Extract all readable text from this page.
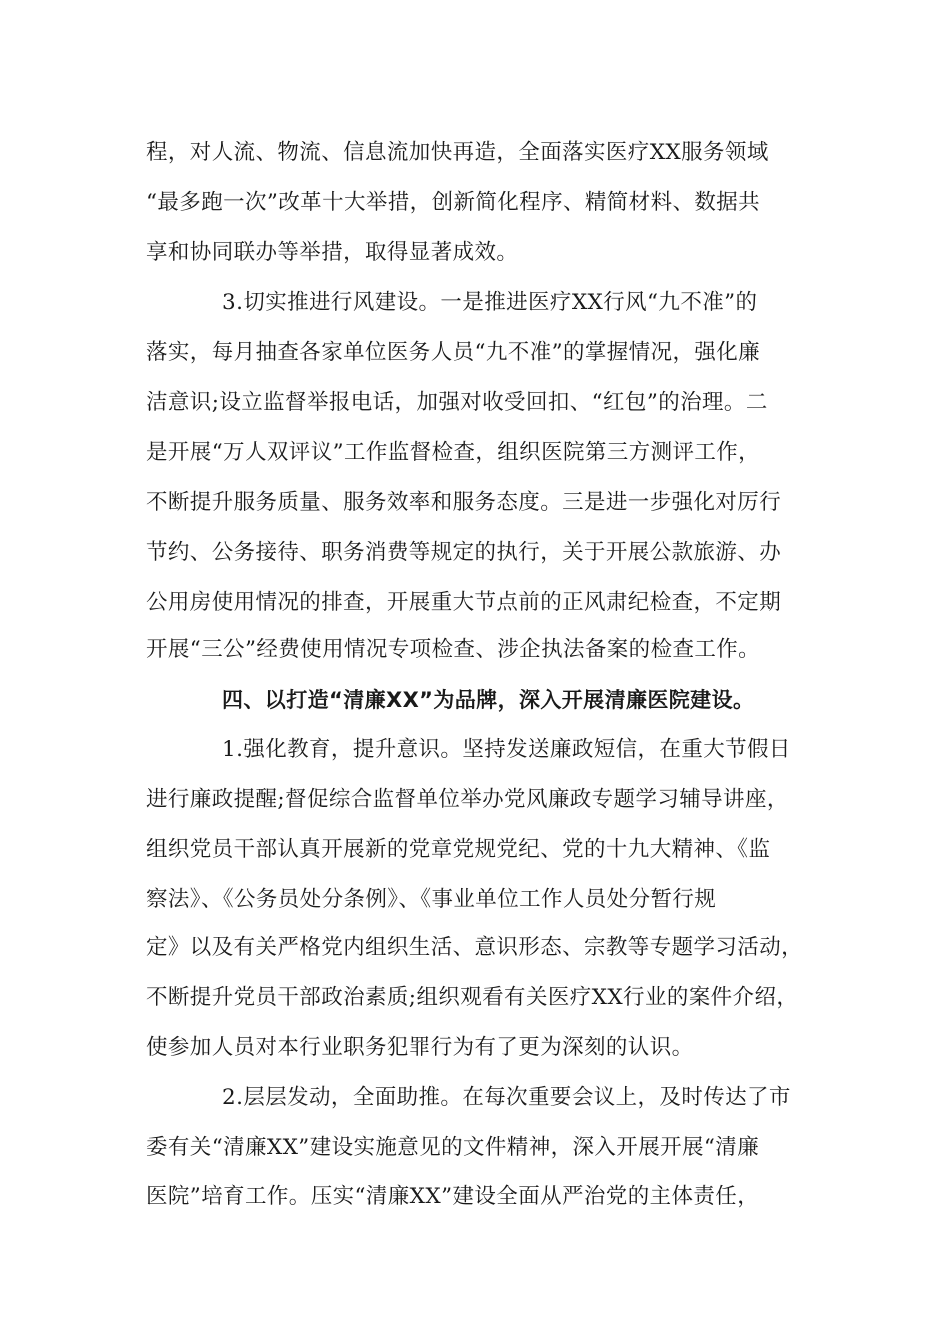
程，对人流、物流、信息流加快再造，全面落实医疗XX服务领域
“最多跑一次”改革十大举措，创新简化程序、精简材料、数据共
享和协同联办等举措，取得显著成效。
3.切实推进行风建设。一是推进医疗XX行风“九不准”的
落实，每月抽查各家单位医务人员“九不准”的掌握情况，强化廉
洁意识;设立监督举报电话，加强对收受回扣、“红包”的治理。二
是开展“万人双评议”工作监督检查，组织医院第三方测评工作，
不断提升服务质量、服务效率和服务态度。三是进一步强化对厉行
节约、公务接待、职务消费等规定的执行，关于开展公款旅游、办
公用房使用情况的排查，开展重大节点前的正风肃纪检查，不定期
开展“三公”经费使用情况专项检查、涉企执法备案的检查工作。
四、以打造“清廉XX”为品牌，深入开展清廉医院建设。
1.强化教育，提升意识。坚持发送廉政短信，在重大节假日
进行廉政提醒;督促综合监督单位举办党风廉政专题学习辅导讲座，
组织党员干部认真开展新的党章党规党纪、党的十九大精神、《监
察法》、《公务员处分条例》、《事业单位工作人员处分暂行规
定》以及有关严格党内组织生活、意识形态、宗教等专题学习活动，
不断提升党员干部政治素质;组织观看有关医疗XX行业的案件介绍，
使参加人员对本行业职务犯罪行为有了更为深刻的认识。
2.层层发动，全面助推。在每次重要会议上，及时传达了市
委有关“清廉XX”建设实施意见的文件精神，深入开展开展“清廉
医院”培育工作。压实“清廉XX”建设全面从严治党的主体责任，
